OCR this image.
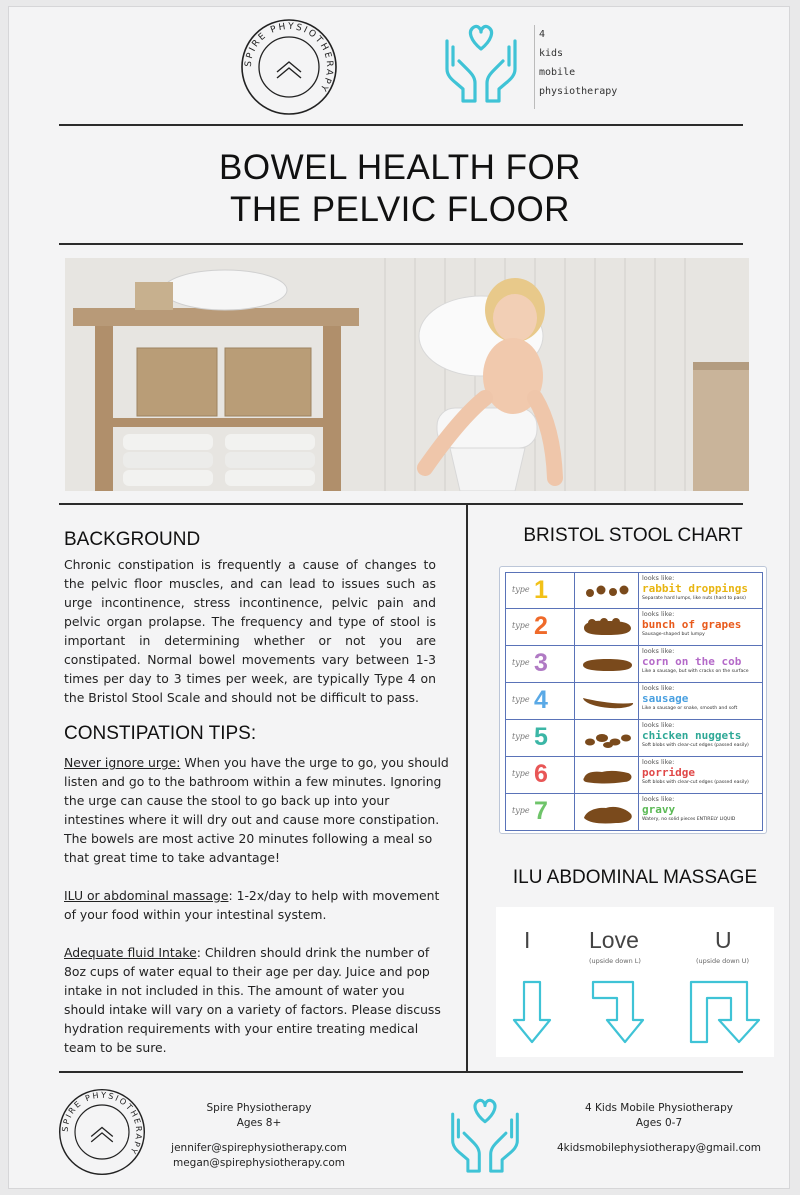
SPIRE PHYSIOTHERAPY
4
kids
mobile
physiotherapy
BOWEL HEALTH FOR
THE PELVIC FLOOR
BACKGROUND
Chronic constipation is frequently a cause of changes to the pelvic floor muscles, and can lead to issues such as urge incontinence, stress incontinence, pelvic pain and pelvic organ prolapse. The frequency and type of stool is important in determining whether or not you are constipated. Normal bowel movements vary between 1-3 times per day to 3 times per week, are typically Type 4 on the Bristol Stool Scale and should not be difficult to pass.
CONSTIPATION TIPS:

Never ignore urge: When you have the urge to go, you should listen and go to the bathroom within a few minutes. Ignoring the urge can cause the stool to go back up into your intestines where it will dry out and cause more constipation. The bowels are most active 20 minutes following a meal so that great time to take advantage!

ILU or abdominal massage: 1-2x/day to help with movement of your food within your intestinal system.

Adequate fluid Intake: Children should drink the number of 8oz cups of water equal to their age per day. Juice and pop intake in not included in this. The amount of water you should intake will vary on a variety of factors. Please discuss hydration requirements with your entire treating medical team to be sure.

BRISTOL STOOL CHART
type 1	looks like:
rabbit droppings
Separate hard lumps, like nuts (hard to pass)
type 2	looks like:
bunch of grapes
Sausage-shaped but lumpy
type 3	looks like:
corn on the cob
Like a sausage, but with cracks on the surface
type 4	looks like:
sausage
Like a sausage or snake, smooth and soft
type 5	looks like:
chicken nuggets
Soft blobs with clear-cut edges (passed easily)
type 6	looks like:
porridge
Soft blobs with clear-cut edges (passed easily)
type 7	looks like:
gravy
Watery, no solid pieces ENTIRELY LIQUID
ILU ABDOMINAL MASSAGE
I	Love
(upside down L)
U
(upside down U)
SPIRE PHYSIOTHERAPY
Spire Physiotherapy
Ages 8+
jennifer@spirephysiotherapy.com
megan@spirephysiotherapy.com
4 Kids Mobile Physiotherapy
Ages 0-7
4kidsmobilephysiotherapy@gmail.com
